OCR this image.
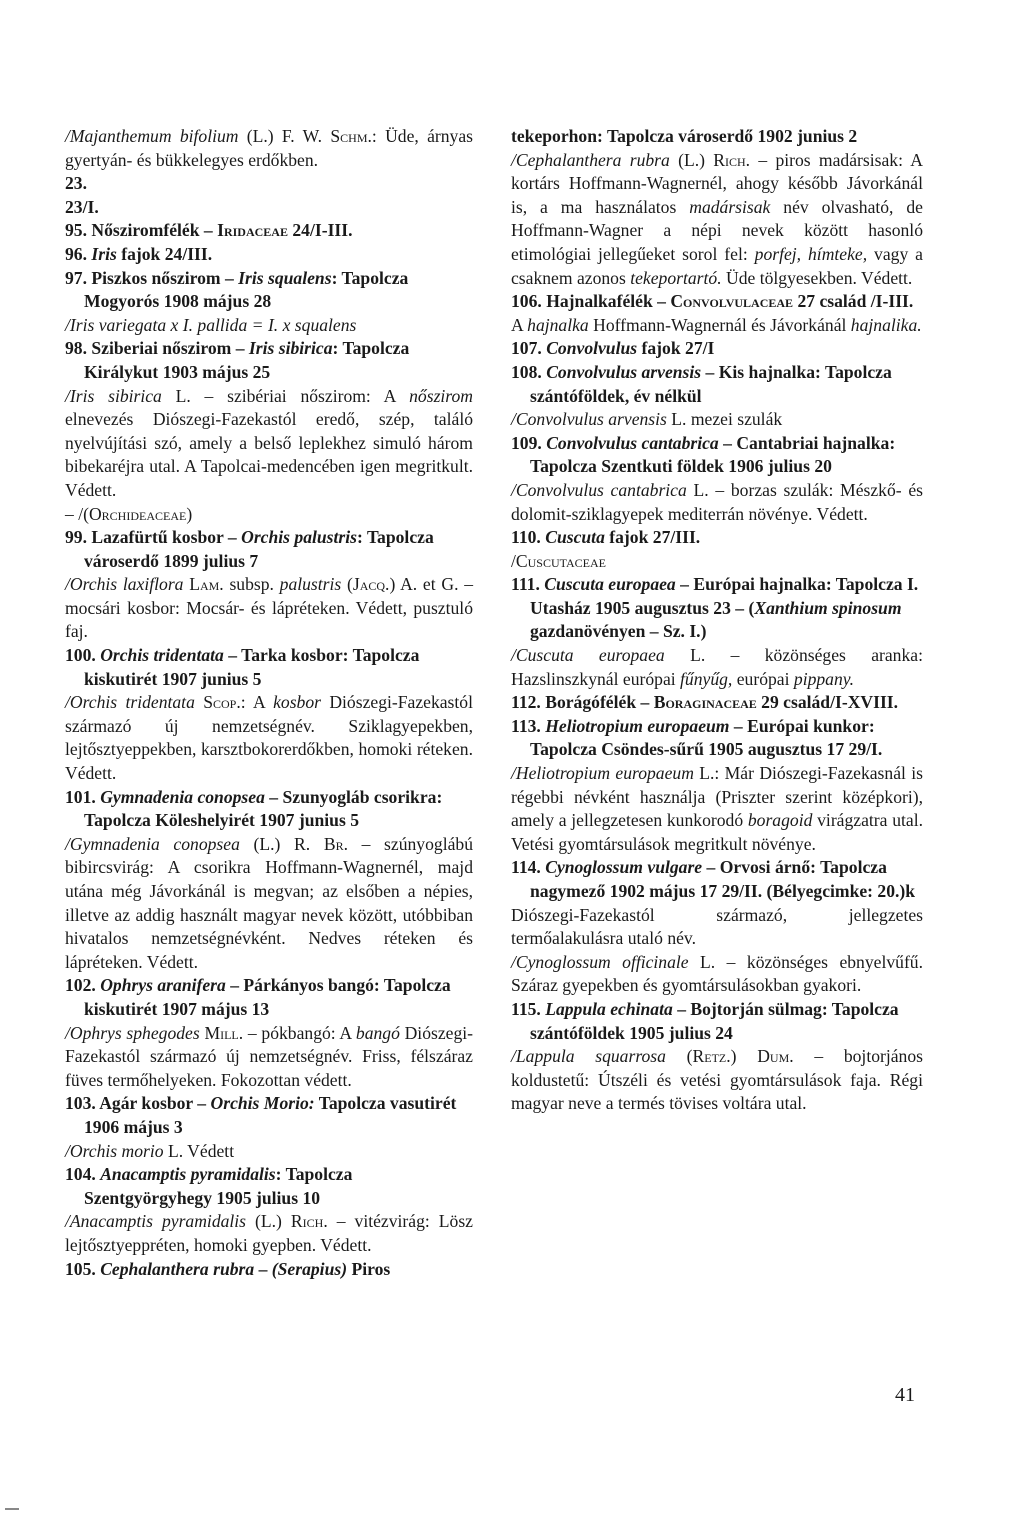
/Majanthemum bifolium (L.) F. W. Schm.: Üde, árnyas gyertyán- és bükkelegyes erdőkben.

23.

23/I.

95. Nősziromfélék – Iridaceae 24/I-III.

96. Iris fajok 24/III.

97. Piszkos nőszirom – Iris squalens: Tapolcza Mogyorós 1908 május 28

/Iris variegata x I. pallida = I. x squalens

98. Sziberiai nőszirom – Iris sibirica: Tapolcza Királykut 1903 május 25

/Iris sibirica L. – szibériai nőszirom: A nőszirom elnevezés Diószegi-Fazekastól eredő, szép, találó nyelvújítási szó, amely a belső leplekhez simuló három bibekaréjra utal. A Tapolcai-medencében igen megritkult. Védett.

– /(Orchideaceae)

99. Lazafürtű kosbor – Orchis palustris: Tapolcza városerdő 1899 julius 7

/Orchis laxiflora Lam. subsp. palustris (Jacq.) A. et G. – mocsári kosbor: Mocsár- és lápréteken. Védett, pusztuló faj.

100. Orchis tridentata – Tarka kosbor: Tapolcza kiskutirét 1907 junius 5

/Orchis tridentata Scop.: A kosbor Diószegi-Fazekastól származó új nemzetségnév. Sziklagyepekben, lejtősztyeppekben, karsztbokorerdőkben, homoki réteken. Védett.

101. Gymnadenia conopsea – Szunyogláb csorikra: Tapolcza Köleshelyirét 1907 junius 5

/Gymnadenia conopsea (L.) R. Br. – szúnyoglábú bibircsvirág: A csorikra Hoffmann-Wagnernél, majd utána még Jávorkánál is megvan; az elsőben a népies, illetve az addig használt magyar nevek között, utóbbiban hivatalos nemzetségnévként. Nedves réteken és lápréteken. Védett.

102. Ophrys aranifera – Párkányos bangó: Tapolcza kiskutirét 1907 május 13

/Ophrys sphegodes Mill. – pókbangó: A bangó Diószegi-Fazekastól származó új nemzetségnév. Friss, félszáraz füves termőhelyeken. Fokozottan védett.

103. Agár kosbor – Orchis Morio: Tapolcza vasutirét 1906 május 3

/Orchis morio L. Védett

104. Anacamptis pyramidalis: Tapolcza Szentgyörgyhegy 1905 julius 10

/Anacamptis pyramidalis (L.) Rich. – vitézvirág: Lösz lejtősztyeppréten, homoki gyepben. Védett.

105. Cephalanthera rubra – (Serapius) Piros

tekeporhon: Tapolcza városerdő 1902 junius 2

/Cephalanthera rubra (L.) Rich. – piros madársisak: A kortárs Hoffmann-Wagnernél, ahogy később Jávorkánál is, a ma használatos madársisak név olvasható, de Hoffmann-Wagner a népi nevek között hasonló etimológiai jellegűeket sorol fel: porfej, hímteke, vagy a csaknem azonos tekeportartó. Üde tölgyesekben. Védett.

106. Hajnalkafélék – Convolvulaceae 27 család /I-III.

A hajnalka Hoffmann-Wagnernál és Jávorkánál hajnalika.

107. Convolvulus fajok 27/I

108. Convolvulus arvensis – Kis hajnalka: Tapolcza szántóföldek, év nélkül

/Convolvulus arvensis L. mezei szulák

109. Convolvulus cantabrica – Cantabriai hajnalka: Tapolcza Szentkuti földek 1906 julius 20

/Convolvulus cantabrica L. – borzas szulák: Mészkő- és dolomit-sziklagyepek mediterrán növénye. Védett.

110. Cuscuta fajok 27/III.

/Cuscutaceae

111. Cuscuta europaea – Európai hajnalka: Tapolcza I. Utasház 1905 augusztus 23 – (Xanthium spinosum gazdanövényen – Sz. I.)

/Cuscuta europaea L. – közönséges aranka: Hazslinszkynál európai fűnyűg, európai pippany.

112. Borágófélék – Boraginaceae 29 család/I-XVIII.

113. Heliotropium europaeum – Európai kunkor: Tapolcza Csöndes-sűrű 1905 augusztus 17 29/I.

/Heliotropium europaeum L.: Már Diószegi-Fazekasnál is régebbi névként használja (Priszter szerint középkori), amely a jellegzetesen kunkorodó boragoid virágzatra utal. Vetési gyomtársulások megritkult növénye.

114. Cynoglossum vulgare – Orvosi árnő: Tapolcza nagymező 1902 május 17 29/II. (Bélyegcimke: 20.)k

Diószegi-Fazekastól származó, jellegzetes termőalakulásra utaló név.

/Cynoglossum officinale L. – közönséges ebnyelvűfű. Száraz gyepekben és gyomtársulásokban gyakori.

115. Lappula echinata – Bojtorján sülmag: Tapolcza szántóföldek 1905 julius 24

/Lappula squarrosa (Retz.) Dum. – bojtorjános koldustetű: Útszéli és vetési gyomtársulások faja. Régi magyar neve a termés tövises voltára utal.

41
